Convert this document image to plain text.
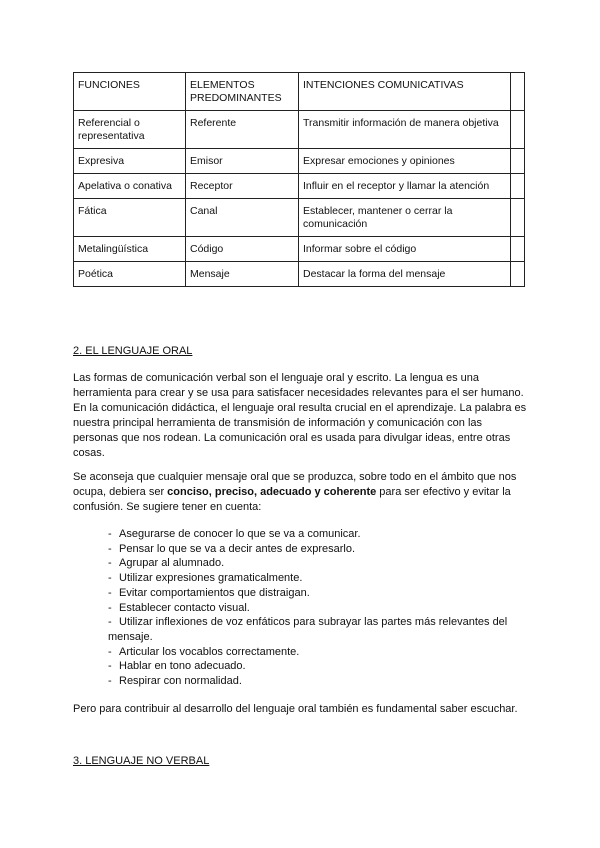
FUNCIONES	ELEMENTOS PREDOMINANTES	INTENCIONES COMUNICATIVAS	
Referencial o representativa	Referente	Transmitir información de manera objetiva	
Expresiva	Emisor	Expresar emociones y opiniones	
Apelativa o conativa	Receptor	Influir en el receptor y llamar la atención	
Fática	Canal	Establecer, mantener o cerrar la comunicación	
Metalingüística	Código	Informar sobre el código	
Poética	Mensaje	Destacar la forma del mensaje	
2. EL LENGUAJE ORAL

Las formas de comunicación verbal son el lenguaje oral y escrito. La lengua es una herramienta para crear y se usa para satisfacer necesidades relevantes para el ser humano. En la comunicación didáctica, el lenguaje oral resulta crucial en el aprendizaje. La palabra es nuestra principal herramienta de transmisión de información y comunicación con las personas que nos rodean. La comunicación oral es usada para divulgar ideas, entre otras cosas.

Se aconseja que cualquier mensaje oral que se produzca, sobre todo en el ámbito que nos ocupa, debiera ser conciso, preciso, adecuado y coherente para ser efectivo y evitar la confusión. Se sugiere tener en cuenta:

- Asegurarse de conocer lo que se va a comunicar.
- Pensar lo que se va a decir antes de expresarlo.
- Agrupar al alumnado.
- Utilizar expresiones gramaticalmente.
- Evitar comportamientos que distraigan.
- Establecer contacto visual.
- Utilizar inflexiones de voz enfáticos para subrayar las partes más relevantes del mensaje.
- Articular los vocablos correctamente.
- Hablar en tono adecuado.
- Respirar con normalidad.

Pero para contribuir al desarrollo del lenguaje oral también es fundamental saber escuchar.

3. LENGUAJE NO VERBAL
